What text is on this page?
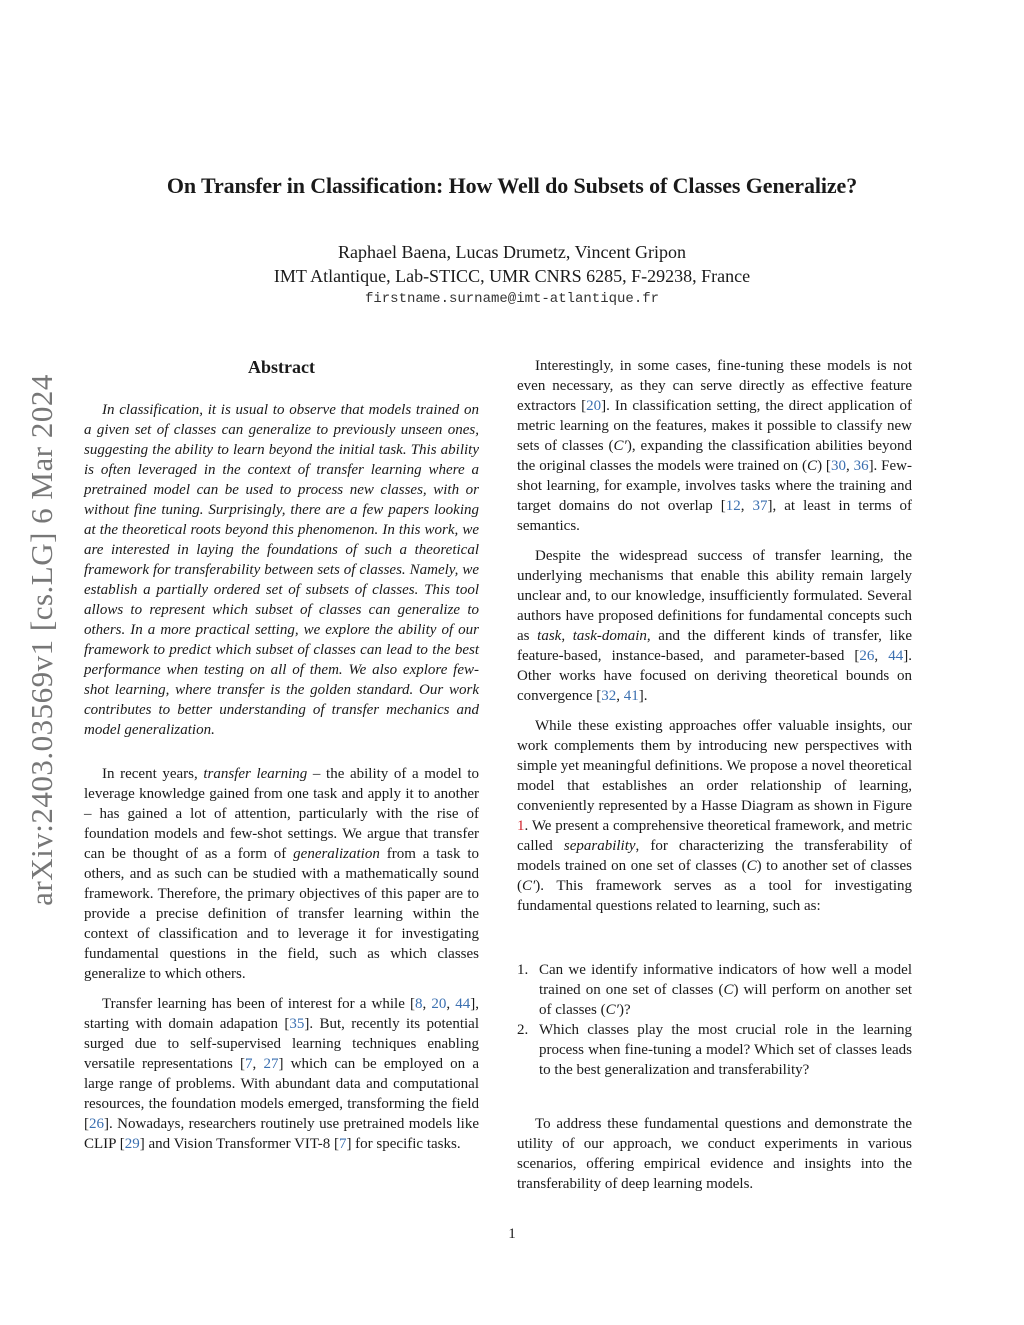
On Transfer in Classification: How Well do Subsets of Classes Generalize?
Raphael Baena, Lucas Drumetz, Vincent Gripon
IMT Atlantique, Lab-STICC, UMR CNRS 6285, F-29238, France
firstname.surname@imt-atlantique.fr
arXiv:2403.03569v1 [cs.LG] 6 Mar 2024
Abstract
In classification, it is usual to observe that models trained on a given set of classes can generalize to previously unseen ones, suggesting the ability to learn beyond the initial task. This ability is often leveraged in the context of transfer learning where a pretrained model can be used to process new classes, with or without fine tuning. Surprisingly, there are a few papers looking at the theoretical roots beyond this phenomenon. In this work, we are interested in laying the foundations of such a theoretical framework for transferability between sets of classes. Namely, we establish a partially ordered set of subsets of classes. This tool allows to represent which subset of classes can generalize to others. In a more practical setting, we explore the ability of our framework to predict which subset of classes can lead to the best performance when testing on all of them. We also explore few-shot learning, where transfer is the golden standard. Our work contributes to better understanding of transfer mechanics and model generalization.

In recent years, transfer learning – the ability of a model to leverage knowledge gained from one task and apply it to another – has gained a lot of attention, particularly with the rise of foundation models and few-shot settings. We argue that transfer can be thought of as a form of generalization from a task to others, and as such can be studied with a mathematically sound framework. Therefore, the primary objectives of this paper are to provide a precise definition of transfer learning within the context of classification and to leverage it for investigating fundamental questions in the field, such as which classes generalize to which others.

Transfer learning has been of interest for a while [8, 20, 44], starting with domain adapation [35]. But, recently its potential surged due to self-supervised learning techniques enabling versatile representations [7, 27] which can be employed on a large range of problems. With abundant data and computational resources, the foundation models emerged, transforming the field [26]. Nowadays, researchers routinely use pretrained models like CLIP [29] and Vision Transformer VIT-8 [7] for specific tasks.

Interestingly, in some cases, fine-tuning these models is not even necessary, as they can serve directly as effective feature extractors [20]. In classification setting, the direct application of metric learning on the features, makes it possible to classify new sets of classes (C′), expanding the classification abilities beyond the original classes the models were trained on (C) [30, 36]. Few-shot learning, for example, involves tasks where the training and target domains do not overlap [12, 37], at least in terms of semantics.

Despite the widespread success of transfer learning, the underlying mechanisms that enable this ability remain largely unclear and, to our knowledge, insufficiently formulated. Several authors have proposed definitions for fundamental concepts such as task, task-domain, and the different kinds of transfer, like feature-based, instance-based, and parameter-based [26, 44]. Other works have focused on deriving theoretical bounds on convergence [32, 41].

While these existing approaches offer valuable insights, our work complements them by introducing new perspectives with simple yet meaningful definitions. We propose a novel theoretical model that establishes an order relationship of learning, conveniently represented by a Hasse Diagram as shown in Figure 1. We present a comprehensive theoretical framework, and metric called separability, for characterizing the transferability of models trained on one set of classes (C) to another set of classes (C′). This framework serves as a tool for investigating fundamental questions related to learning, such as:

1. Can we identify informative indicators of how well a model trained on one set of classes (C) will perform on another set of classes (C′)?
2. Which classes play the most crucial role in the learning process when fine-tuning a model? Which set of classes leads to the best generalization and transferability?

To address these fundamental questions and demonstrate the utility of our approach, we conduct experiments in various scenarios, offering empirical evidence and insights into the transferability of deep learning models.

1
